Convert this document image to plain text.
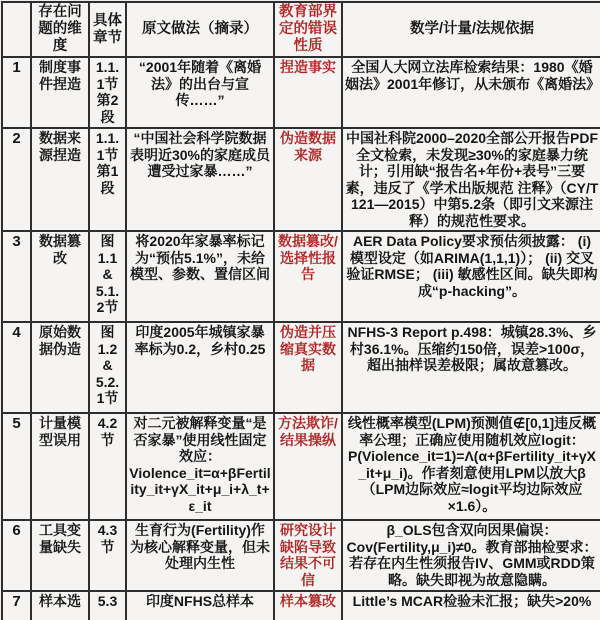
	存在问题的维度	具体章节	原文做法（摘录）	教育部界定的错误性质	数学/计量/法规依据
1	制度事件捏造	1.1.1节第2段	“2001年随着《离婚法》的出台与宣传……”	捏造事实	全国人大网立法库检索结果：1980《婚姻法》2001年修订，从未颁布《离婚法》
2	数据来源捏造	1.1.1节第1段	“中国社会科学院数据表明近30%的家庭成员遭受过家暴……”	伪造数据来源	中国社科院2000–2020全部公开报告PDF全文检索，未发现≥30%的家庭暴力统计；引用缺“报告名+年份+表号”三要素，违反了《学术出版规范 注释》（CY/T 121—2015）中第5.2条（即引文来源注释）的规范性要求。
3	数据篡改	图1.1 & 5.1.2节	将2020年家暴率标记为“预估5.1%”，未给模型、参数、置信区间	数据篡改/选择性报告	AER Data Policy要求预估须披露： (i) 模型设定（如ARIMA(1,1,1)）； (ii) 交叉验证RMSE； (iii) 敏感性区间。缺失即构成“p-hacking”。
4	原始数据伪造	图1.2 & 5.2.1节	印度2005年城镇家暴率标为0.2，乡村0.25	伪造并压缩真实数据	NFHS-3 Report p.498：城镇28.3%、乡村36.1%。压缩约150倍，误差>100σ，超出抽样误差极限；属故意篡改。
5	计量模型误用	4.2节	对二元被解释变量“是否家暴”使用线性固定效应：Violence_it=α+βFertility_it+γX_it+μ_i+λ_t+ε_it	方法欺诈/结果操纵	线性概率模型(LPM)预测值∉[0,1]违反概率公理；正确应使用随机效应logit：P(Violence_it=1)=Λ(α+βFertility_it+γX_it+μ_i)。作者刻意使用LPM以放大β（LPM边际效应≈logit平均边际效应×1.6）。
6	工具变量缺失	4.3节	生育行为(Fertility)作为核心解释变量，但未处理内生性	研究设计缺陷导致结果不可信	β_OLS包含双向因果偏误：Cov(Fertility,μ_i)≠0。教育部抽检要求：若存在内生性须报告IV、GMM或RDD策略。缺失即视为故意隐瞒。
7	样本选	5.3	印度NFHS总样本	样本篡改	Little’s MCAR检验未汇报；缺失>20%
